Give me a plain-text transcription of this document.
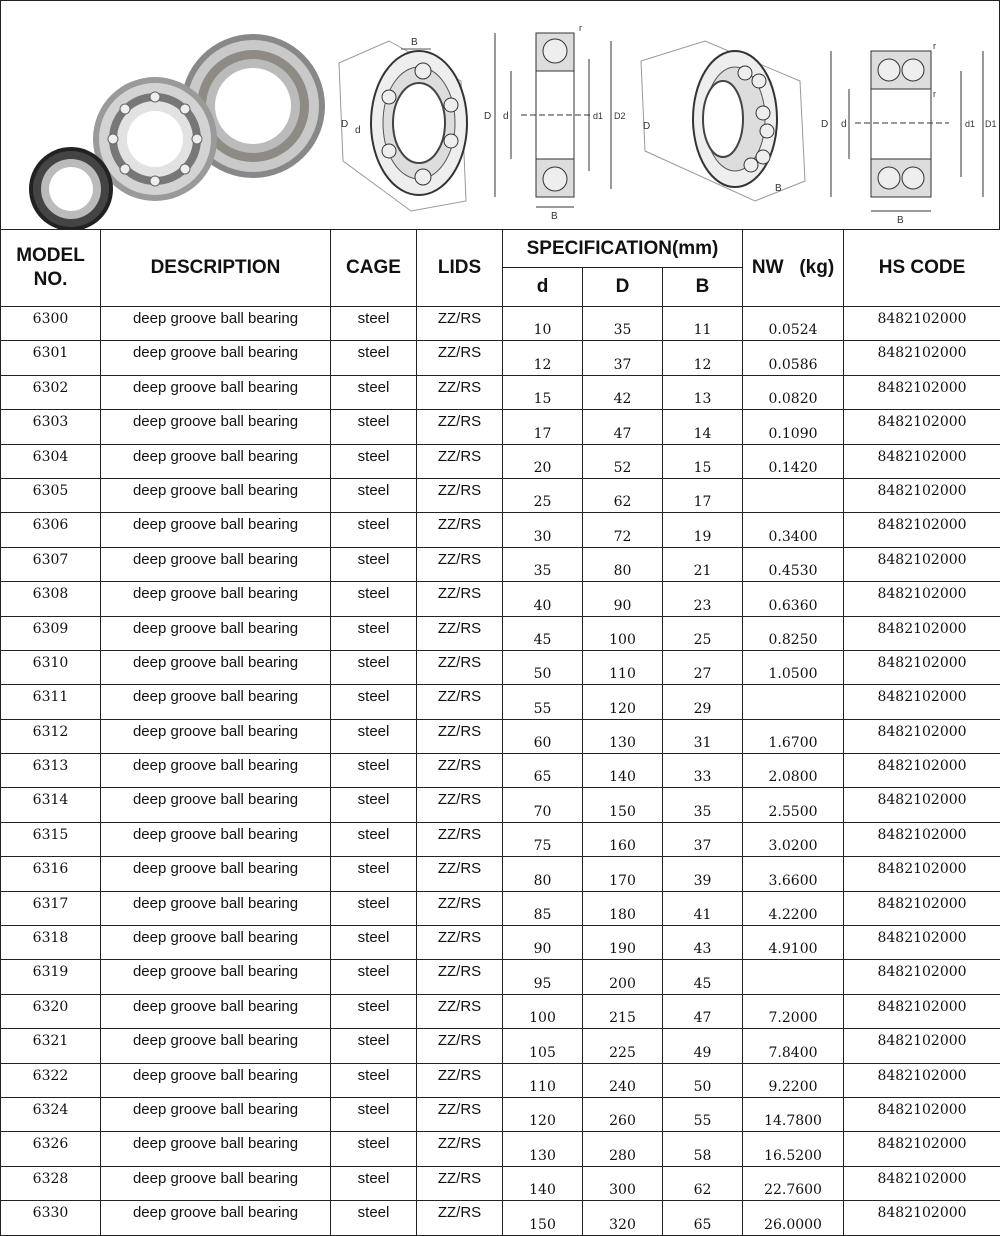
B
D
d
D d	d1 D2
r
B
D
B
D d	d1 D1
r
r
B
MODEL NO.	DESCRIPTION	CAGE	LIDS	SPECIFICATION(mm)			NW   (kg)	HS CODE
				d	D	B		
6300	deep groove ball bearing	steel	ZZ/RS	10	35	11	0.0524	8482102000
6301	deep groove ball bearing	steel	ZZ/RS	12	37	12	0.0586	8482102000
6302	deep groove ball bearing	steel	ZZ/RS	15	42	13	0.0820	8482102000
6303	deep groove ball bearing	steel	ZZ/RS	17	47	14	0.1090	8482102000
6304	deep groove ball bearing	steel	ZZ/RS	20	52	15	0.1420	8482102000
6305	deep groove ball bearing	steel	ZZ/RS	25	62	17		8482102000
6306	deep groove ball bearing	steel	ZZ/RS	30	72	19	0.3400	8482102000
6307	deep groove ball bearing	steel	ZZ/RS	35	80	21	0.4530	8482102000
6308	deep groove ball bearing	steel	ZZ/RS	40	90	23	0.6360	8482102000
6309	deep groove ball bearing	steel	ZZ/RS	45	100	25	0.8250	8482102000
6310	deep groove ball bearing	steel	ZZ/RS	50	110	27	1.0500	8482102000
6311	deep groove ball bearing	steel	ZZ/RS	55	120	29		8482102000
6312	deep groove ball bearing	steel	ZZ/RS	60	130	31	1.6700	8482102000
6313	deep groove ball bearing	steel	ZZ/RS	65	140	33	2.0800	8482102000
6314	deep groove ball bearing	steel	ZZ/RS	70	150	35	2.5500	8482102000
6315	deep groove ball bearing	steel	ZZ/RS	75	160	37	3.0200	8482102000
6316	deep groove ball bearing	steel	ZZ/RS	80	170	39	3.6600	8482102000
6317	deep groove ball bearing	steel	ZZ/RS	85	180	41	4.2200	8482102000
6318	deep groove ball bearing	steel	ZZ/RS	90	190	43	4.9100	8482102000
6319	deep groove ball bearing	steel	ZZ/RS	95	200	45		8482102000
6320	deep groove ball bearing	steel	ZZ/RS	100	215	47	7.2000	8482102000
6321	deep groove ball bearing	steel	ZZ/RS	105	225	49	7.8400	8482102000
6322	deep groove ball bearing	steel	ZZ/RS	110	240	50	9.2200	8482102000
6324	deep groove ball bearing	steel	ZZ/RS	120	260	55	14.7800	8482102000
6326	deep groove ball bearing	steel	ZZ/RS	130	280	58	16.5200	8482102000
6328	deep groove ball bearing	steel	ZZ/RS	140	300	62	22.7600	8482102000
6330	deep groove ball bearing	steel	ZZ/RS	150	320	65	26.0000	8482102000
